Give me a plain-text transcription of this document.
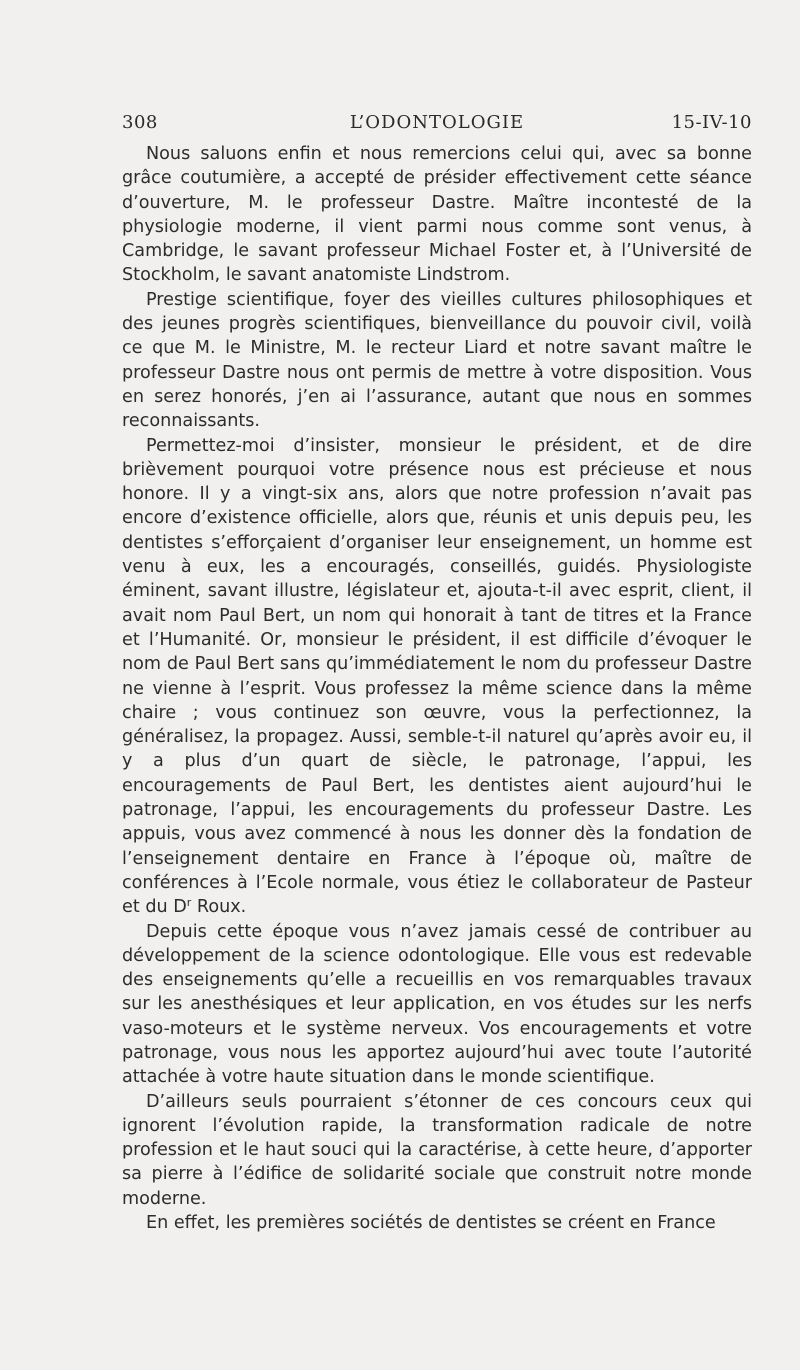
308	L’ODONTOLOGIE	15-IV-10

Nous saluons enfin et nous remercions celui qui, avec sa bonne grâce coutumière, a accepté de présider effectivement cette séance d’ouverture, M. le professeur Dastre. Maître incontesté de la physiologie moderne, il vient parmi nous comme sont venus, à Cambridge, le savant professeur Michael Foster et, à l’Université de Stockholm, le savant anatomiste Lindstrom.

Prestige scientifique, foyer des vieilles cultures philosophiques et des jeunes progrès scientifiques, bienveillance du pouvoir civil, voilà ce que M. le Ministre, M. le recteur Liard et notre savant maître le professeur Dastre nous ont permis de mettre à votre disposition. Vous en serez honorés, j’en ai l’assurance, autant que nous en sommes reconnaissants.

Permettez-moi d’insister, monsieur le président, et de dire brièvement pourquoi votre présence nous est précieuse et nous honore. Il y a vingt-six ans, alors que notre profession n’avait pas encore d’existence officielle, alors que, réunis et unis depuis peu, les dentistes s’efforçaient d’organiser leur enseignement, un homme est venu à eux, les a encouragés, conseillés, guidés. Physiologiste éminent, savant illustre, législateur et, ajouta-t-il avec esprit, client, il avait nom Paul Bert, un nom qui honorait à tant de titres et la France et l’Humanité. Or, monsieur le président, il est difficile d’évoquer le nom de Paul Bert sans qu’immédiatement le nom du professeur Dastre ne vienne à l’esprit. Vous professez la même science dans la même chaire ; vous continuez son œuvre, vous la perfectionnez, la généralisez, la propagez. Aussi, semble-t-il naturel qu’après avoir eu, il y a plus d’un quart de siècle, le patronage, l’appui, les encouragements de Paul Bert, les dentistes aient aujourd’hui le patronage, l’appui, les encouragements du professeur Dastre. Les appuis, vous avez commencé à nous les donner dès la fondation de l’enseignement dentaire en France à l’époque où, maître de conférences à l’Ecole normale, vous étiez le collaborateur de Pasteur et du $D^r$ Roux.

Depuis cette époque vous n’avez jamais cessé de contribuer au développement de la science odontologique. Elle vous est redevable des enseignements qu’elle a recueillis en vos remarquables travaux sur les anesthésiques et leur application, en vos études sur les nerfs vaso-moteurs et le système nerveux. Vos encouragements et votre patronage, vous nous les apportez aujourd’hui avec toute l’autorité attachée à votre haute situation dans le monde scientifique.

D’ailleurs seuls pourraient s’étonner de ces concours ceux qui ignorent l’évolution rapide, la transformation radicale de notre profession et le haut souci qui la caractérise, à cette heure, d’apporter sa pierre à l’édifice de solidarité sociale que construit notre monde moderne.

En effet, les premières sociétés de dentistes se créent en France
